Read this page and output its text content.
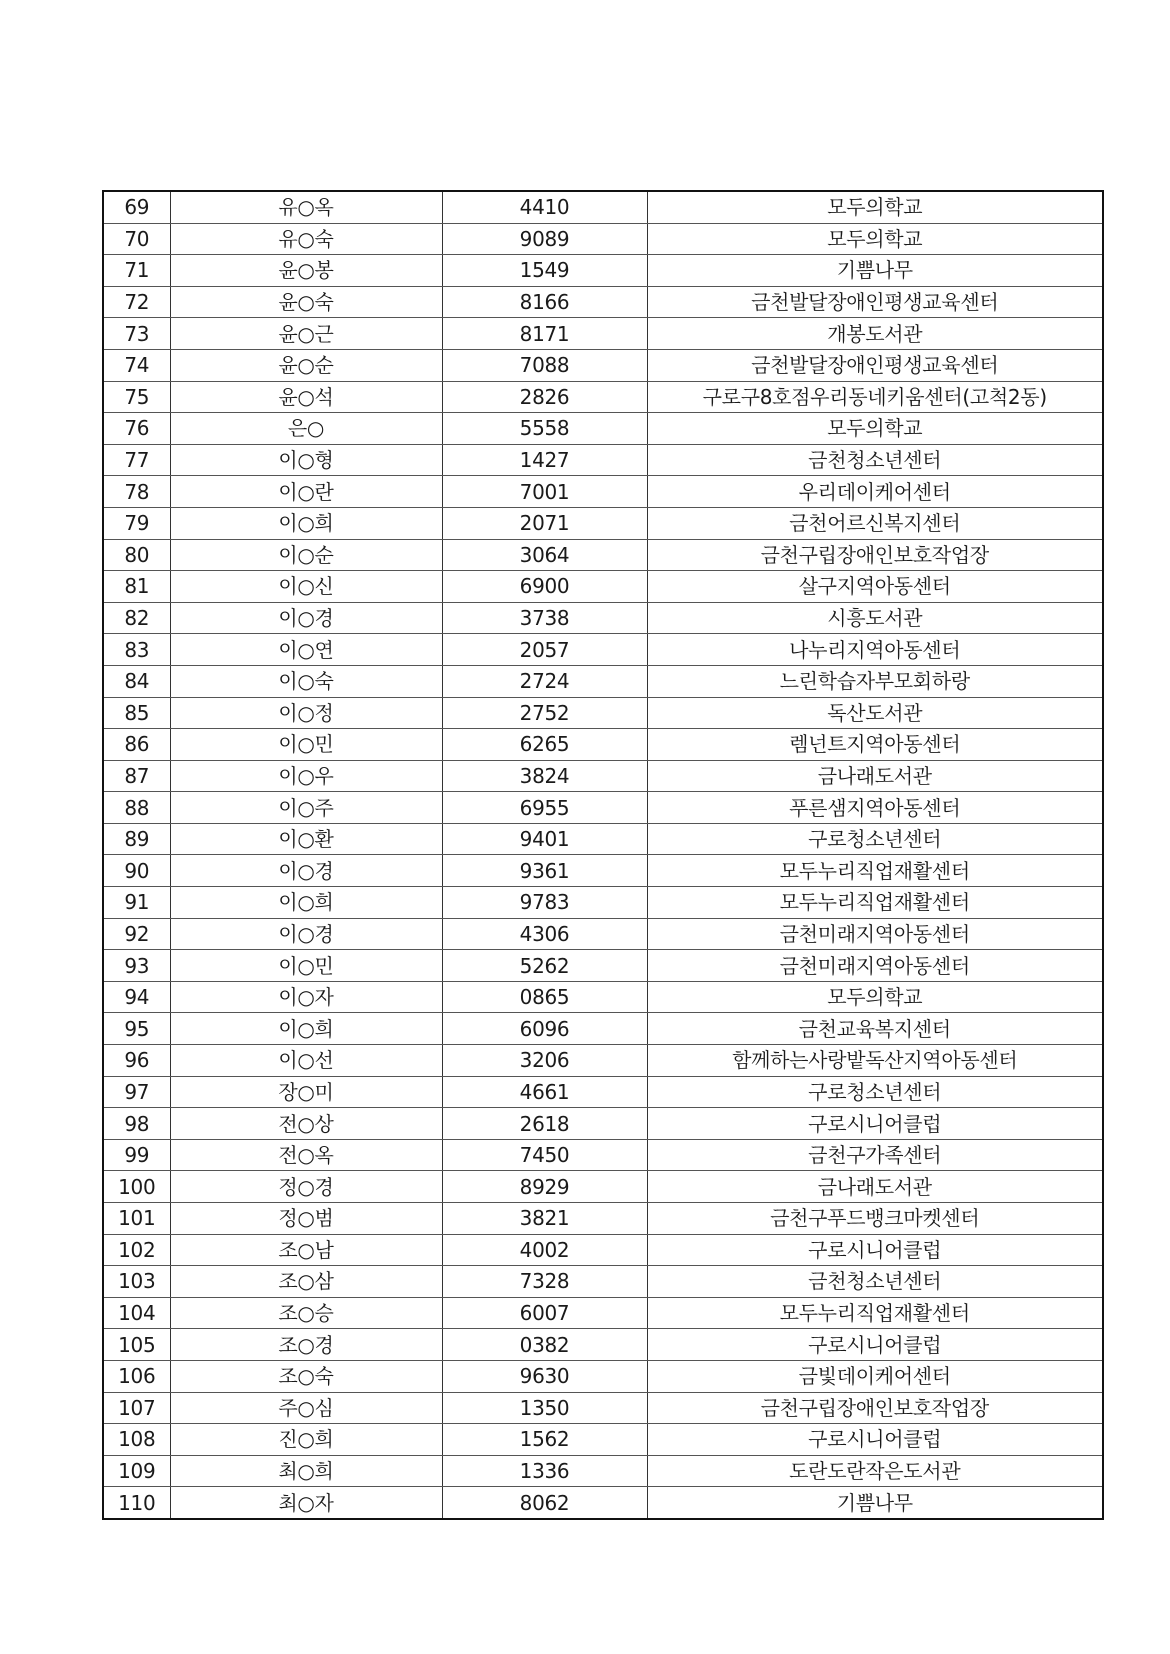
69	유○옥	4410	모두의학교
70	유○숙	9089	모두의학교
71	윤○봉	1549	기쁨나무
72	윤○숙	8166	금천발달장애인평생교육센터
73	윤○근	8171	개봉도서관
74	윤○순	7088	금천발달장애인평생교육센터
75	윤○석	2826	구로구8호점우리동네키움센터(고척2동)
76	은○	5558	모두의학교
77	이○형	1427	금천청소년센터
78	이○란	7001	우리데이케어센터
79	이○희	2071	금천어르신복지센터
80	이○순	3064	금천구립장애인보호작업장
81	이○신	6900	살구지역아동센터
82	이○경	3738	시흥도서관
83	이○연	2057	나누리지역아동센터
84	이○숙	2724	느린학습자부모회하랑
85	이○정	2752	독산도서관
86	이○민	6265	렘넌트지역아동센터
87	이○우	3824	금나래도서관
88	이○주	6955	푸른샘지역아동센터
89	이○환	9401	구로청소년센터
90	이○경	9361	모두누리직업재활센터
91	이○희	9783	모두누리직업재활센터
92	이○경	4306	금천미래지역아동센터
93	이○민	5262	금천미래지역아동센터
94	이○자	0865	모두의학교
95	이○희	6096	금천교육복지센터
96	이○선	3206	함께하는사랑밭독산지역아동센터
97	장○미	4661	구로청소년센터
98	전○상	2618	구로시니어클럽
99	전○옥	7450	금천구가족센터
100	정○경	8929	금나래도서관
101	정○범	3821	금천구푸드뱅크마켓센터
102	조○남	4002	구로시니어클럽
103	조○삼	7328	금천청소년센터
104	조○승	6007	모두누리직업재활센터
105	조○경	0382	구로시니어클럽
106	조○숙	9630	금빛데이케어센터
107	주○심	1350	금천구립장애인보호작업장
108	진○희	1562	구로시니어클럽
109	최○희	1336	도란도란작은도서관
110	최○자	8062	기쁨나무
